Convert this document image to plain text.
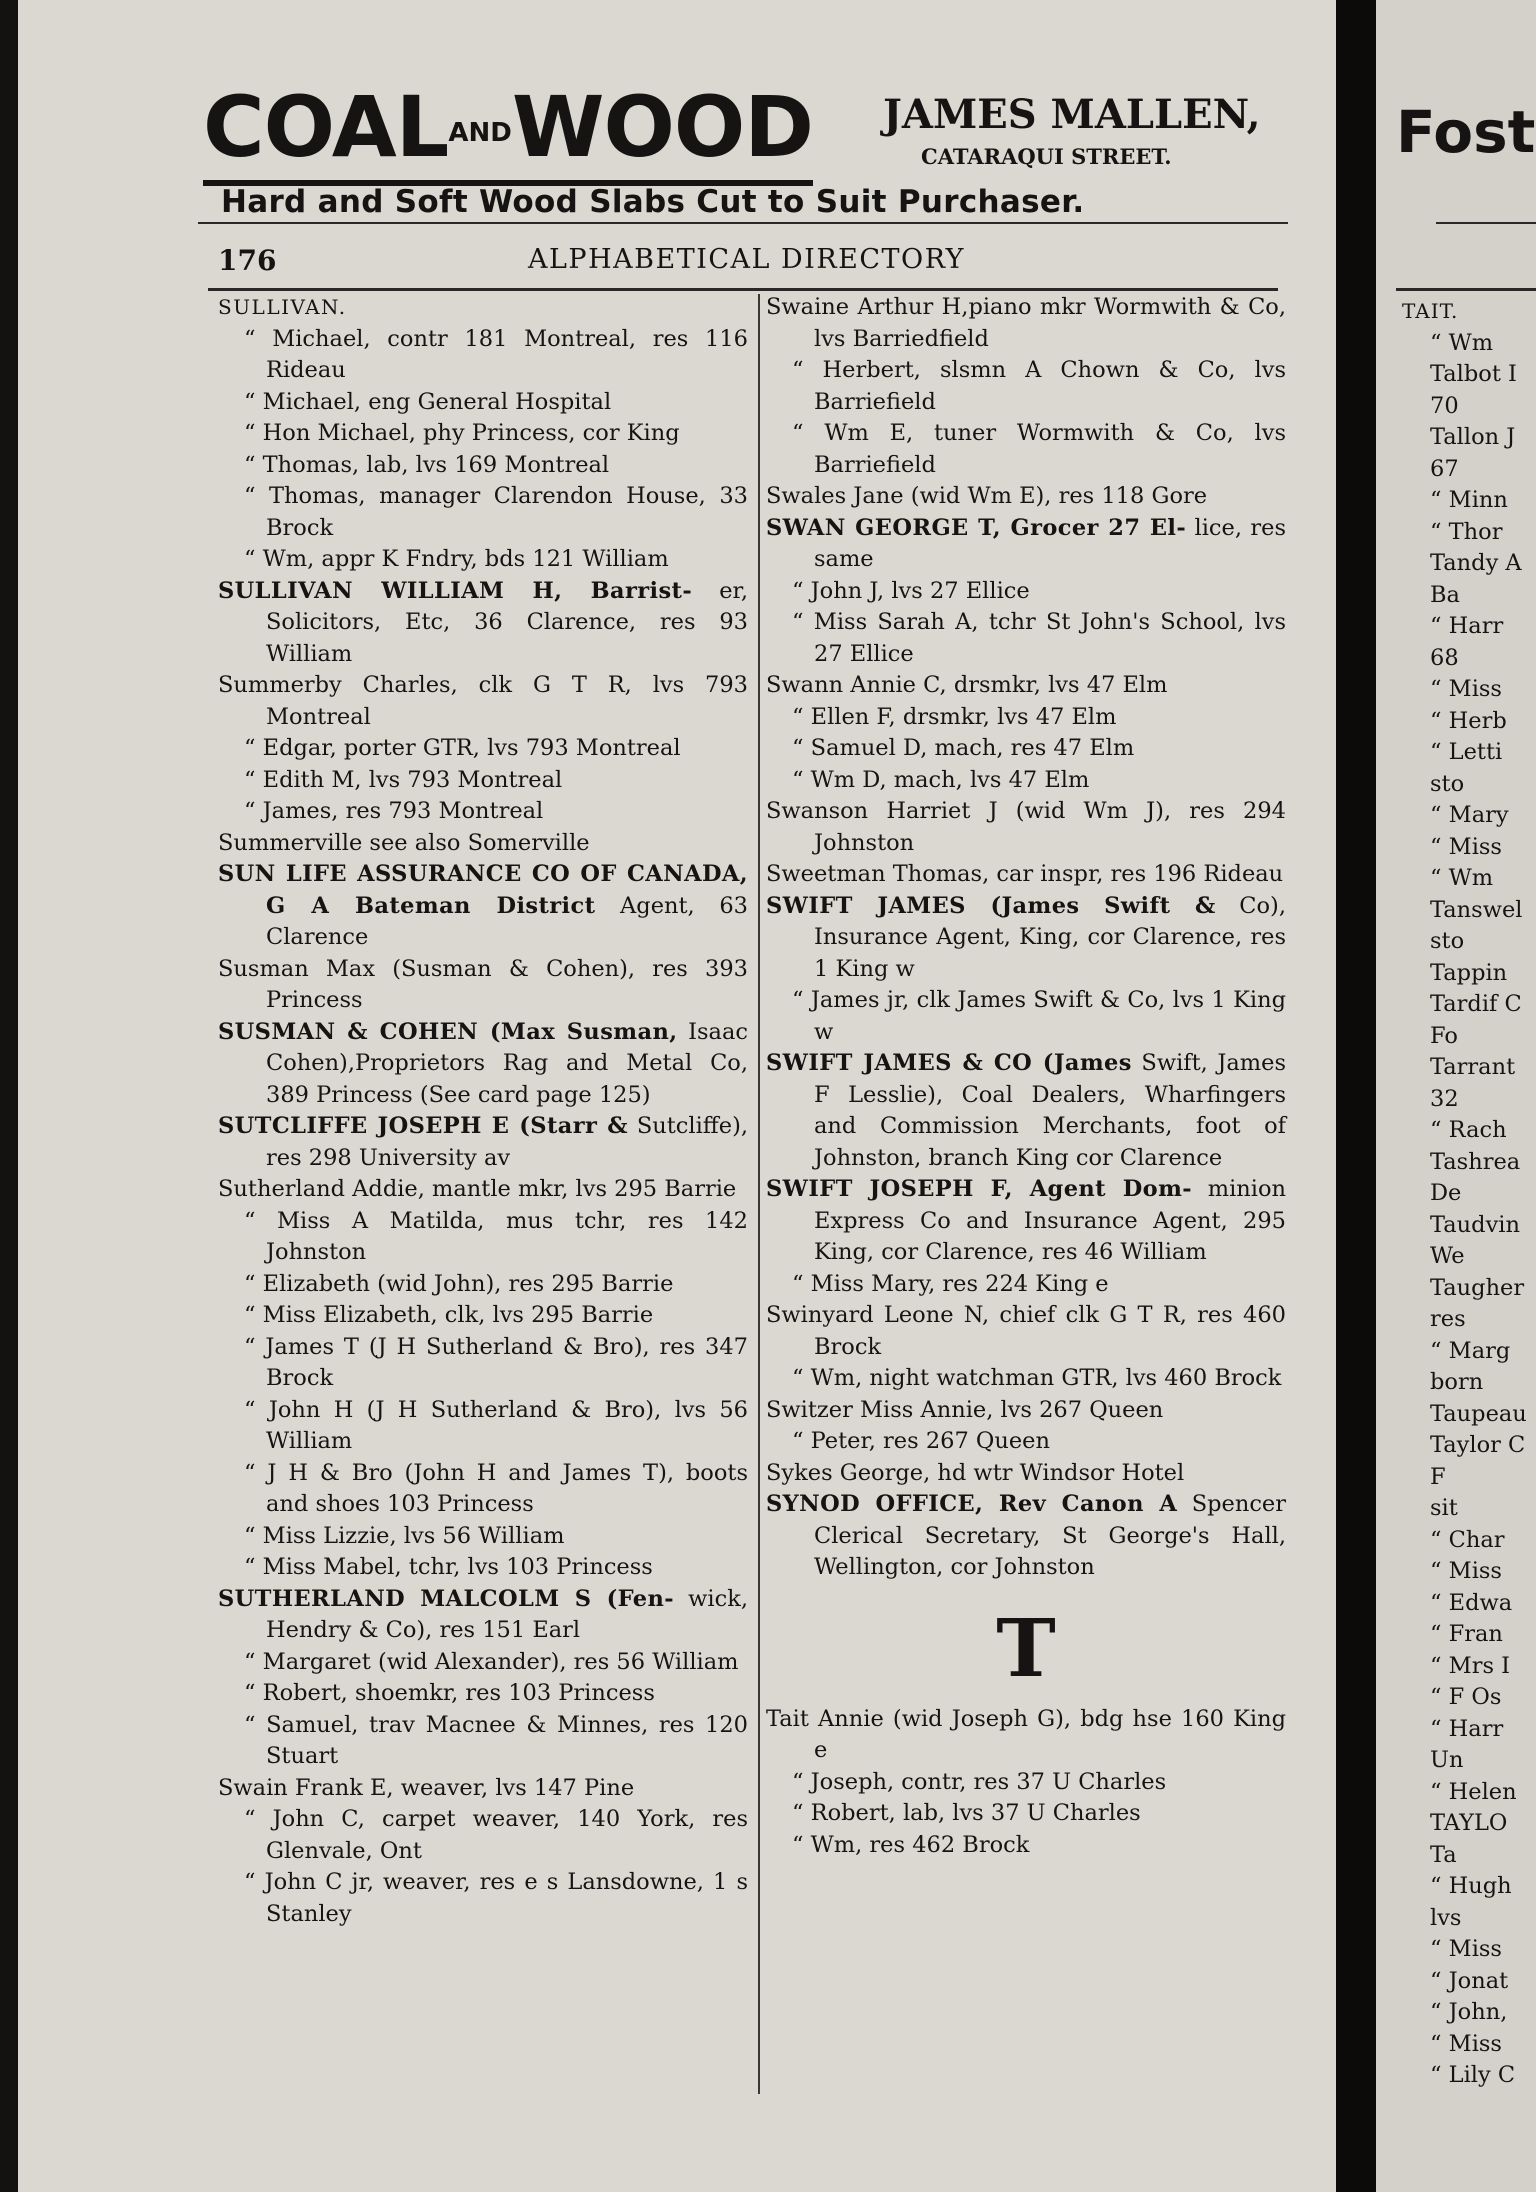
COALANDWOOD JAMES MALLEN,
CATARAQUI STREET.
Hard and Soft Wood Slabs Cut to Suit Purchaser.
176	ALPHABETICAL DIRECTORY
SULLIVAN.
“ Michael, contr 181 Montreal, res 116 Rideau
“ Michael, eng General Hospital
“ Hon Michael, phy Princess, cor King
“ Thomas, lab, lvs 169 Montreal
“ Thomas, manager Clarendon House, 33 Brock
“ Wm, appr K Fndry, bds 121 William
SULLIVAN WILLIAM H, Barrist- er, Solicitors, Etc, 36 Clarence, res 93 William
Summerby Charles, clk G T R, lvs 793 Montreal
“ Edgar, porter GTR, lvs 793 Montreal
“ Edith M, lvs 793 Montreal
“ James, res 793 Montreal
Summerville see also Somerville
SUN LIFE ASSURANCE CO OF CANADA, G A Bateman District Agent, 63 Clarence
Susman Max (Susman & Cohen), res 393 Princess
SUSMAN & COHEN (Max Susman, Isaac Cohen),Proprietors Rag and Metal Co, 389 Princess (See card page 125)
SUTCLIFFE JOSEPH E (Starr & Sutcliffe), res 298 University av
Sutherland Addie, mantle mkr, lvs 295 Barrie
“ Miss A Matilda, mus tchr, res 142 Johnston
“ Elizabeth (wid John), res 295 Barrie
“ Miss Elizabeth, clk, lvs 295 Barrie
“ James T (J H Sutherland & Bro), res 347 Brock
“ John H (J H Sutherland & Bro), lvs 56 William
“ J H & Bro (John H and James T), boots and shoes 103 Princess
“ Miss Lizzie, lvs 56 William
“ Miss Mabel, tchr, lvs 103 Princess
SUTHERLAND MALCOLM S (Fen- wick, Hendry & Co), res 151 Earl
“ Margaret (wid Alexander), res 56 William
“ Robert, shoemkr, res 103 Princess
“ Samuel, trav Macnee & Minnes, res 120 Stuart
Swain Frank E, weaver, lvs 147 Pine
“ John C, carpet weaver, 140 York, res Glenvale, Ont
“ John C jr, weaver, res e s Lansdowne, 1 s Stanley
Swaine Arthur H,piano mkr Wormwith & Co, lvs Barriedfield
“ Herbert, slsmn A Chown & Co, lvs Barriefield
“ Wm E, tuner Wormwith & Co, lvs Barriefield
Swales Jane (wid Wm E), res 118 Gore
SWAN GEORGE T, Grocer 27 El- lice, res same
“ John J, lvs 27 Ellice
“ Miss Sarah A, tchr St John's School, lvs 27 Ellice
Swann Annie C, drsmkr, lvs 47 Elm
“ Ellen F, drsmkr, lvs 47 Elm
“ Samuel D, mach, res 47 Elm
“ Wm D, mach, lvs 47 Elm
Swanson Harriet J (wid Wm J), res 294 Johnston
Sweetman Thomas, car inspr, res 196 Rideau
SWIFT JAMES (James Swift & Co), Insurance Agent, King, cor Clarence, res 1 King w
“ James jr, clk James Swift & Co, lvs 1 King w
SWIFT JAMES & CO (James Swift, James F Lesslie), Coal Dealers, Wharfingers and Commission Merchants, foot of Johnston, branch King cor Clarence
SWIFT JOSEPH F, Agent Dom- minion Express Co and Insurance Agent, 295 King, cor Clarence, res 46 William
“ Miss Mary, res 224 King e
Swinyard Leone N, chief clk G T R, res 460 Brock
“ Wm, night watchman GTR, lvs 460 Brock
Switzer Miss Annie, lvs 267 Queen
“ Peter, res 267 Queen
Sykes George, hd wtr Windsor Hotel
SYNOD OFFICE, Rev Canon A Spencer Clerical Secretary, St George's Hall, Wellington, cor Johnston
T
Tait Annie (wid Joseph G), bdg hse 160 King e
“ Joseph, contr, res 37 U Charles
“ Robert, lab, lvs 37 U Charles
“ Wm, res 462 Brock
Fost
TAIT.
“ Wm
Talbot I
70
Tallon J
67
“ Minn
“ Thor
Tandy A
Ba
“ Harr
68
“ Miss
“ Herb
“ Letti
sto
“ Mary
“ Miss
“ Wm
Tanswel
sto
Tappin
Tardif C
Fo
Tarrant
32
“ Rach
Tashrea
De
Taudvin
We
Taugher
res
“ Marg
born
Taupeau
Taylor C
F
sit
“ Char
“ Miss
“ Edwa
“ Fran
“ Mrs I
“ F Os
“ Harr
Un
“ Helen
TAYLO
Ta
“ Hugh
lvs
“ Miss
“ Jonat
“ John,
“ Miss
“ Lily C
